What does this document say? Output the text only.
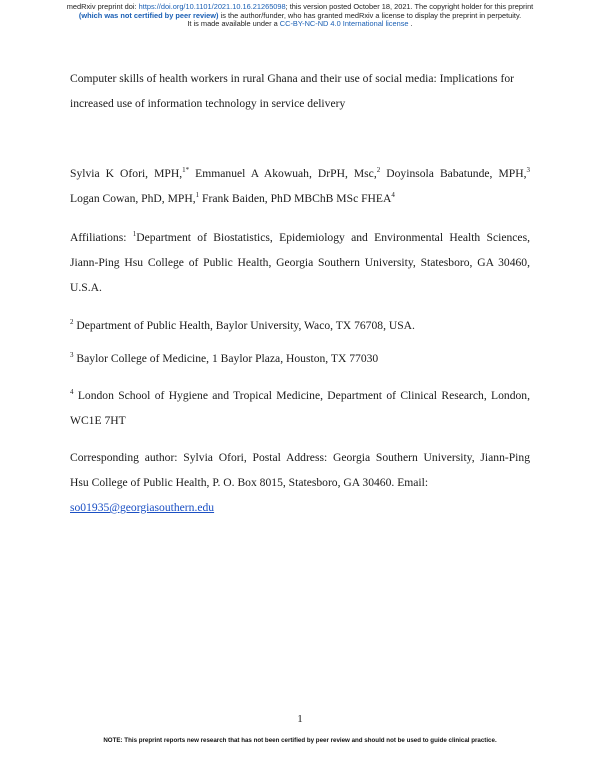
medRxiv preprint doi: https://doi.org/10.1101/2021.10.16.21265098; this version posted October 18, 2021. The copyright holder for this preprint
(which was not certified by peer review) is the author/funder, who has granted medRxiv a license to display the preprint in perpetuity.
It is made available under a CC-BY-NC-ND 4.0 International license .
Computer skills of health workers in rural Ghana and their use of social media: Implications for
increased use of information technology in service delivery
Sylvia K Ofori, MPH,$^{1*}$ Emmanuel A Akowuah, DrPH, Msc,$^2$ Doyinsola Babatunde, MPH,$^3$
Logan Cowan, PhD, MPH,$^1$ Frank Baiden, PhD MBChB MSc FHEA$^4$
Affiliations: $^1$Department of Biostatistics, Epidemiology and Environmental Health Sciences,
Jiann-Ping Hsu College of Public Health, Georgia Southern University, Statesboro, GA 30460,
U.S.A.
$^2$ Department of Public Health, Baylor University, Waco, TX 76708, USA.
$^3$ Baylor College of Medicine, 1 Baylor Plaza, Houston, TX 77030
$^4$ London School of Hygiene and Tropical Medicine, Department of Clinical Research, London,
WC1E 7HT
Corresponding author: Sylvia Ofori, Postal Address: Georgia Southern University, Jiann-Ping
Hsu College of Public Health, P. O. Box 8015, Statesboro, GA 30460. Email:
so01935@georgiasouthern.edu
1
NOTE: This preprint reports new research that has not been certified by peer review and should not be used to guide clinical practice.
